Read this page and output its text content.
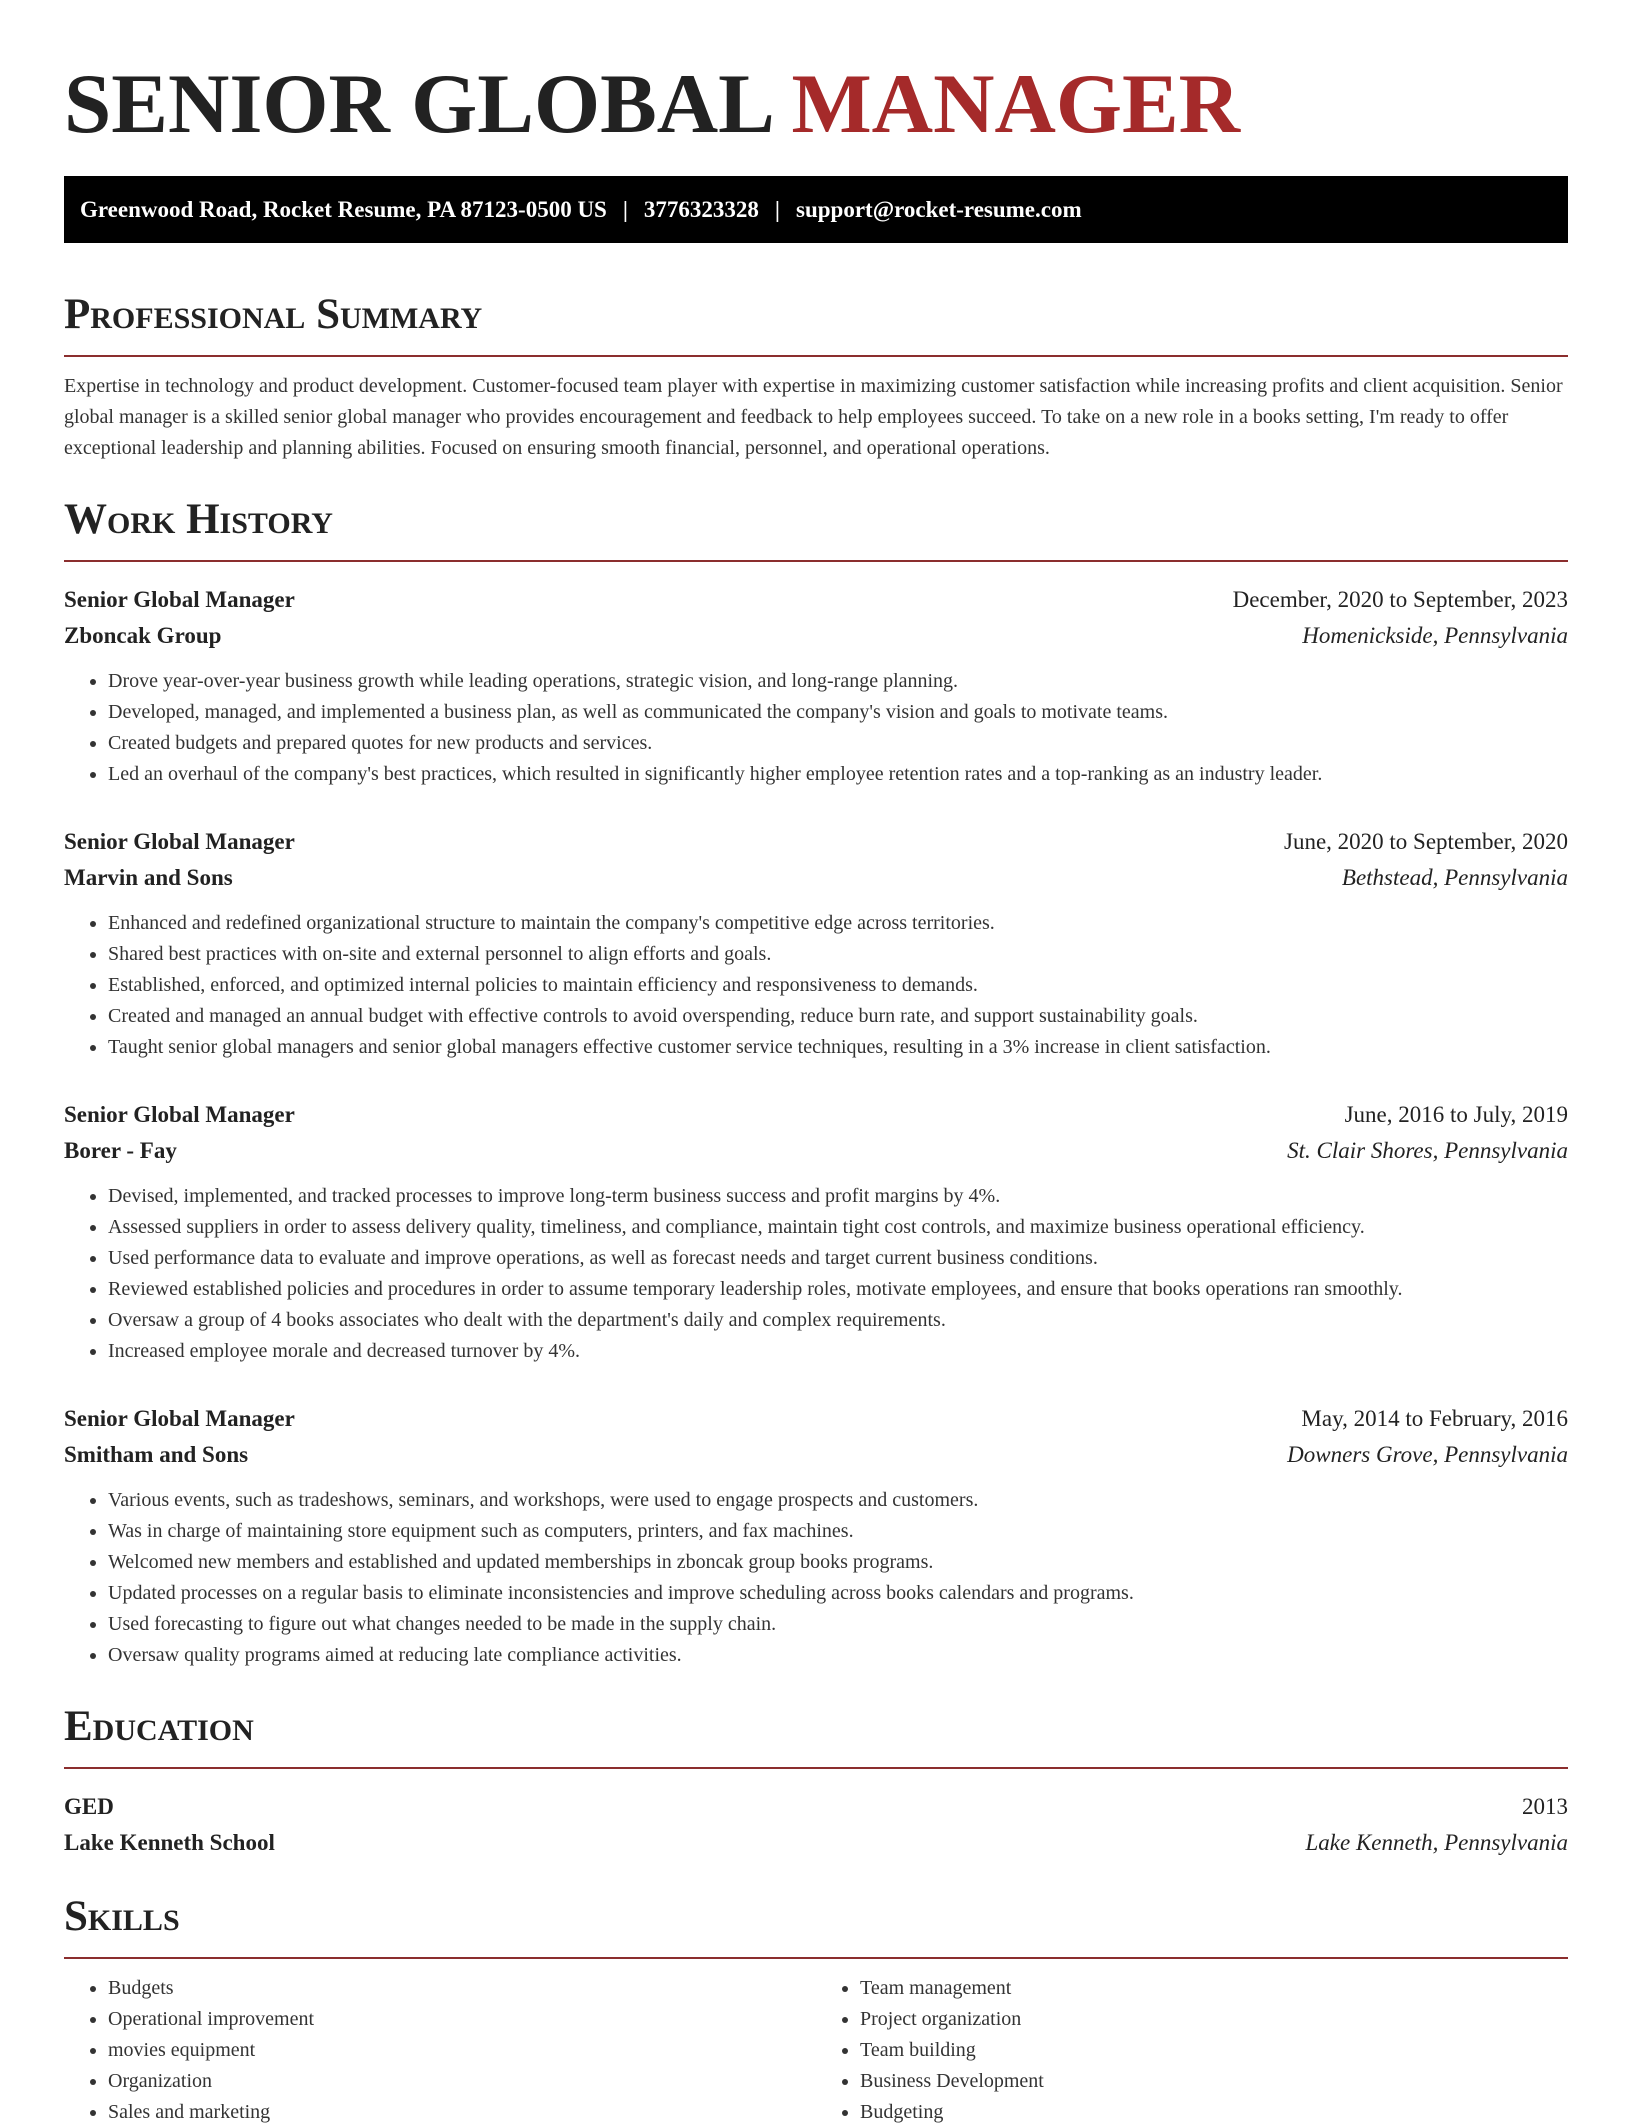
SENIOR GLOBAL MANAGER
Greenwood Road, Rocket Resume, PA 87123-0500 US | 3776323328 | support@rocket-resume.com
Professional Summary

Expertise in technology and product development. Customer-focused team player with expertise in maximizing customer satisfaction while increasing profits and client acquisition. Senior global manager is a skilled senior global manager who provides encouragement and feedback to help employees succeed. To take on a new role in a books setting, I'm ready to offer exceptional leadership and planning abilities. Focused on ensuring smooth financial, personnel, and operational operations.

Work History
Senior Global Manager	December, 2020 to September, 2023
Zboncak Group	Homenickside, Pennsylvania
• Drove year-over-year business growth while leading operations, strategic vision, and long-range planning.
• Developed, managed, and implemented a business plan, as well as communicated the company's vision and goals to motivate teams.
• Created budgets and prepared quotes for new products and services.
• Led an overhaul of the company's best practices, which resulted in significantly higher employee retention rates and a top-ranking as an industry leader.
Senior Global Manager	June, 2020 to September, 2020
Marvin and Sons	Bethstead, Pennsylvania
• Enhanced and redefined organizational structure to maintain the company's competitive edge across territories.
• Shared best practices with on-site and external personnel to align efforts and goals.
• Established, enforced, and optimized internal policies to maintain efficiency and responsiveness to demands.
• Created and managed an annual budget with effective controls to avoid overspending, reduce burn rate, and support sustainability goals.
• Taught senior global managers and senior global managers effective customer service techniques, resulting in a 3% increase in client satisfaction.
Senior Global Manager	June, 2016 to July, 2019
Borer - Fay	St. Clair Shores, Pennsylvania
• Devised, implemented, and tracked processes to improve long-term business success and profit margins by 4%.
• Assessed suppliers in order to assess delivery quality, timeliness, and compliance, maintain tight cost controls, and maximize business operational efficiency.
• Used performance data to evaluate and improve operations, as well as forecast needs and target current business conditions.
• Reviewed established policies and procedures in order to assume temporary leadership roles, motivate employees, and ensure that books operations ran smoothly.
• Oversaw a group of 4 books associates who dealt with the department's daily and complex requirements.
• Increased employee morale and decreased turnover by 4%.
Senior Global Manager	May, 2014 to February, 2016
Smitham and Sons	Downers Grove, Pennsylvania
• Various events, such as tradeshows, seminars, and workshops, were used to engage prospects and customers.
• Was in charge of maintaining store equipment such as computers, printers, and fax machines.
• Welcomed new members and established and updated memberships in zboncak group books programs.
• Updated processes on a regular basis to eliminate inconsistencies and improve scheduling across books calendars and programs.
• Used forecasting to figure out what changes needed to be made in the supply chain.
• Oversaw quality programs aimed at reducing late compliance activities.
Education
GED	2013
Lake Kenneth School	Lake Kenneth, Pennsylvania
Skills
• Budgets
• Operational improvement
• movies equipment
• Organization
• Sales and marketing
• Team management
• Project organization
• Team building
• Business Development
• Budgeting
